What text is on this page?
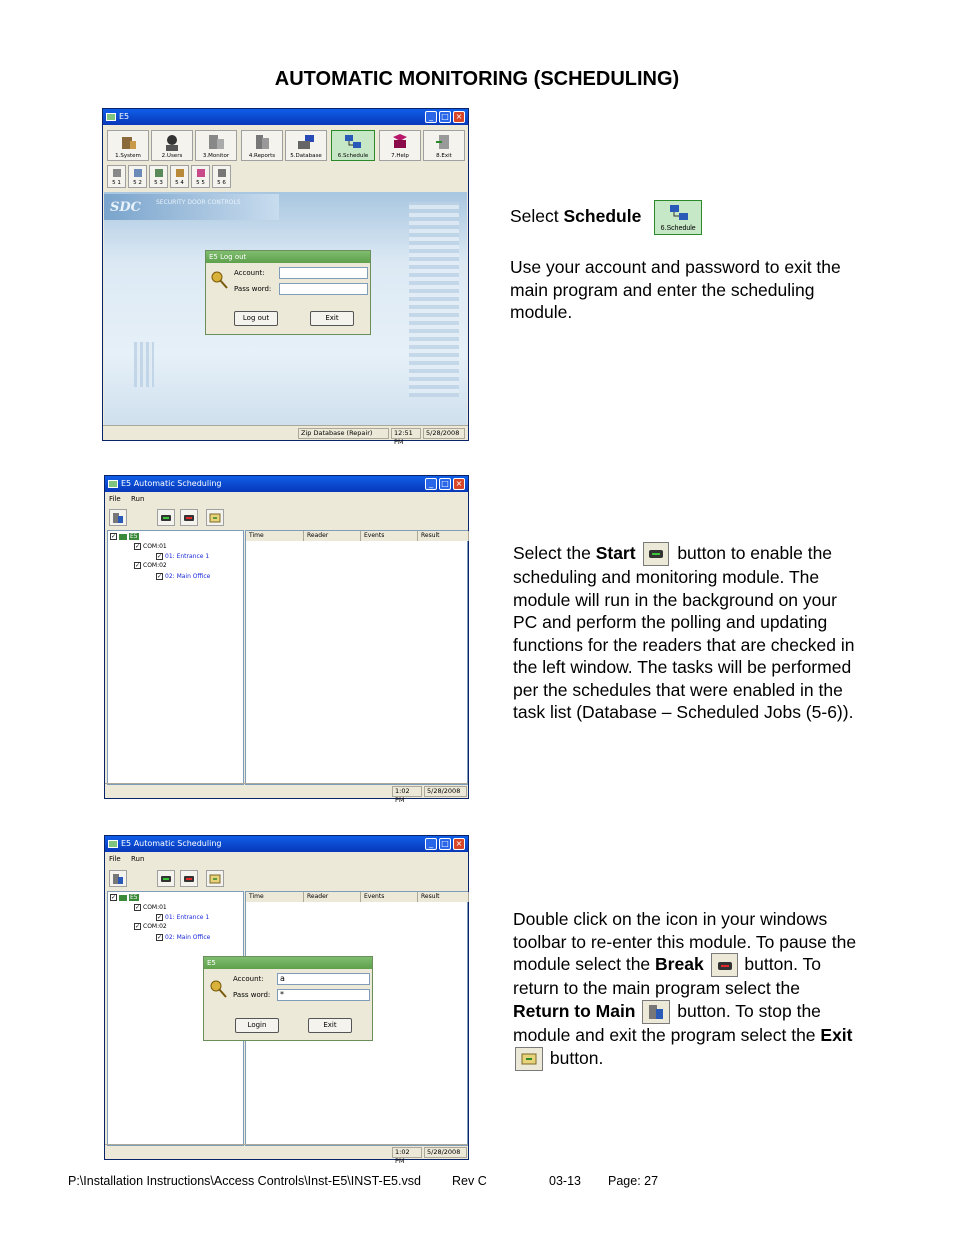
AUTOMATIC MONITORING (SCHEDULING)
E5	_	□ ×
1.System	2.Users	3.Monitor	4.Reports	5.Database	6.Schedule	7.Help	8.Exit
5 1	5 2	5 3	5 4	5 5	5 6
SDC SECURITY DOOR CONTROLS
E5 Log out
Account:
Pass word:
Log out	Exit
Zip Database (Repair)	12:51 PM
5/28/2008
Select Schedule
6.Schedule
Use your account and password to exit the main program and enter the scheduling module.
E5 Automatic Scheduling	_	□ ×
File Run
✓ E5
✓ COM:01
✓ 01: Entrance 1
✓ COM:02
✓ 02: Main Office
Time	Reader	Events	Result
1:02 PM
5/28/2008
Select the Start
button to enable the scheduling and monitoring module. The module will run in the background on your PC and perform the polling and updating functions for the readers that are checked in the left window. The tasks will be performed per the schedules that were enabled in the task list (Database – Scheduled Jobs (5-6)).
E5 Automatic Scheduling	_	□ ×
File Run
✓ E5
✓ COM:01
✓ 01: Entrance 1
✓ COM:02
✓ 02: Main Office
Time	Reader	Events	Result
E5
Account:	a
Pass word:	*
Login	Exit
1:02 PM
5/28/2008
Double click on the icon in your windows toolbar to re-enter this module. To pause the module select the Break
button. To return to the main program select the Return to Main
button. To stop the module and exit the program select the Exit
button.
P:\Installation Instructions\Access Controls\Inst-E5\INST-E5.vsd Rev C	03-13 Page: 27
